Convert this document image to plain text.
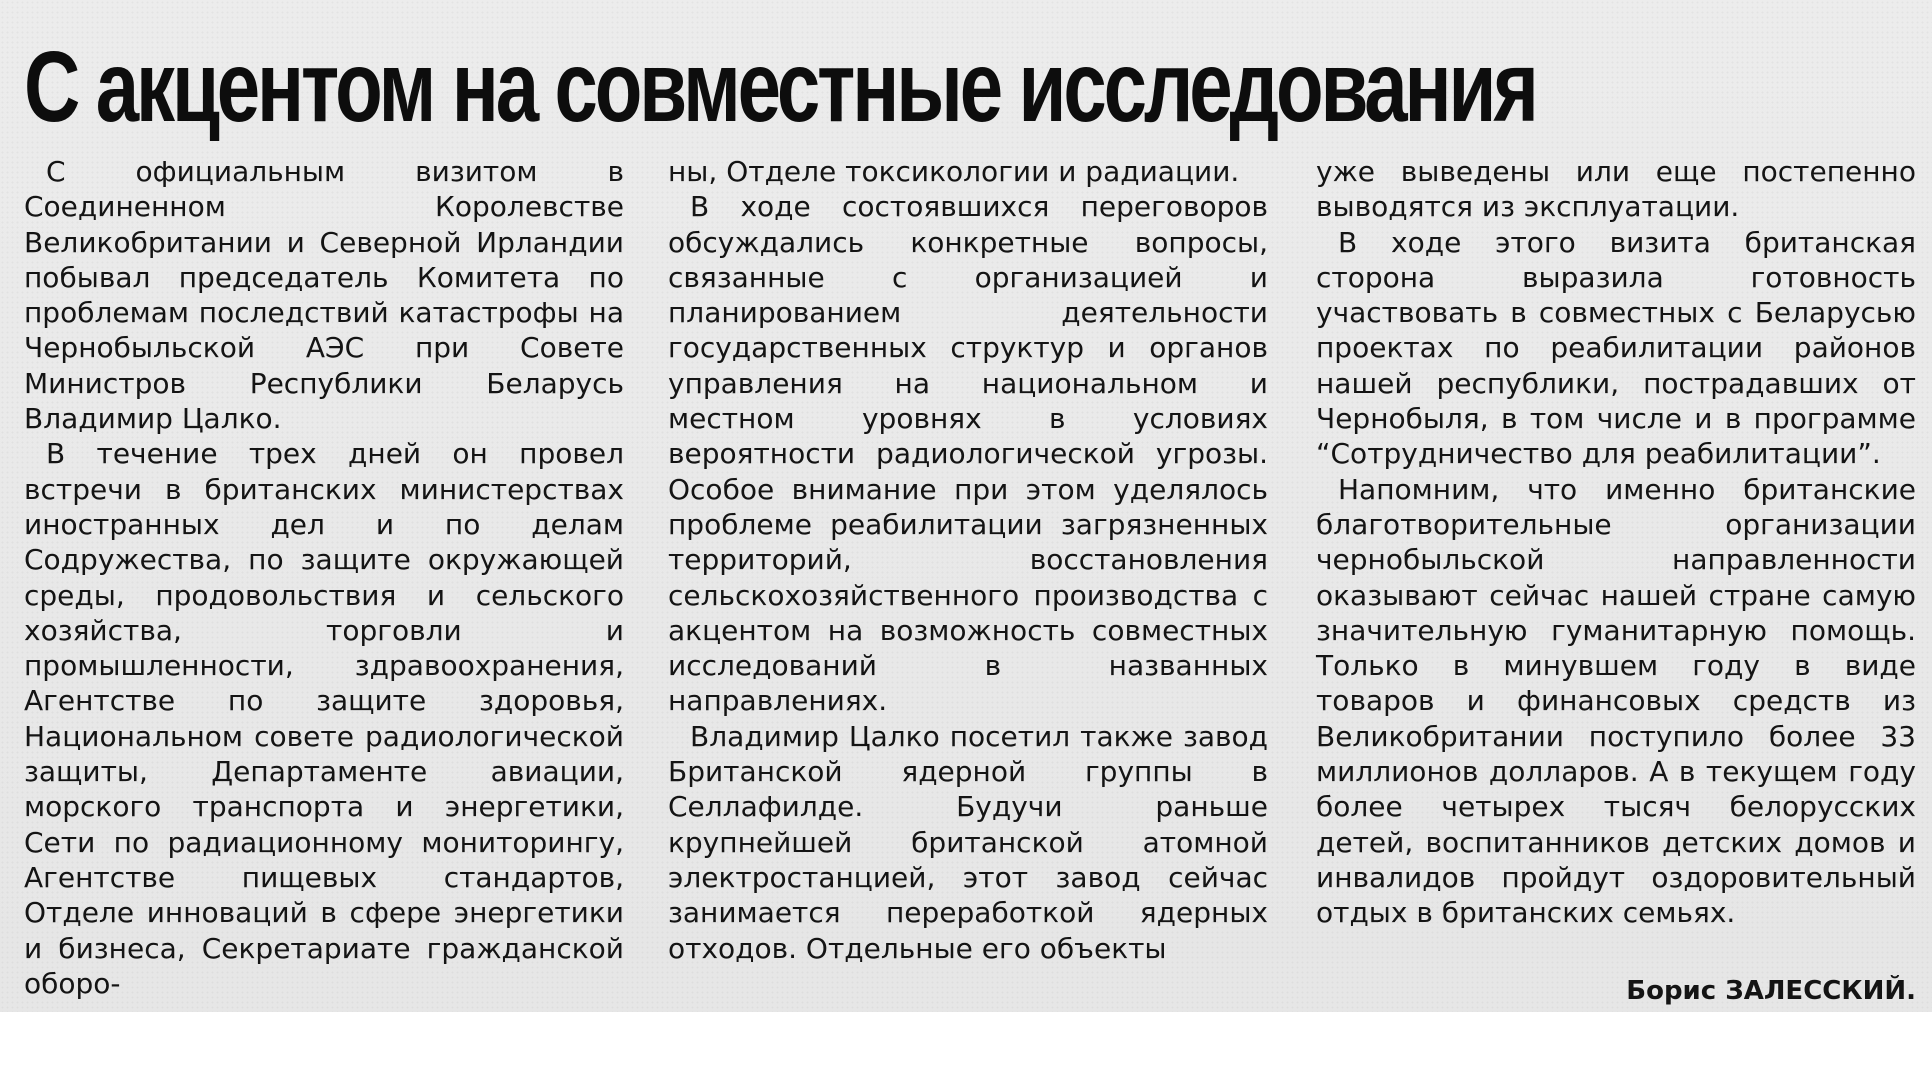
С акцентом на совместные исследования

С официальным визитом в Соединенном Королевстве Великобритании и Северной Ирландии побывал председатель Комитета по проблемам последствий катастрофы на Чернобыльской АЭС при Совете Министров Республики Беларусь Владимир Цалко.

В течение трех дней он провел встречи в британских министерствах иностранных дел и по делам Содружества, по защите окружающей среды, продовольствия и сельского хозяйства, торговли и промышленности, здравоохранения, Агентстве по защите здоровья, Национальном совете радиологической защиты, Департаменте авиации, морского транспорта и энергетики, Сети по радиационному мониторингу, Агентстве пищевых стандартов, Отделе инноваций в сфере энергетики и бизнеса, Секретариате гражданской оборо-

ны, Отделе токсикологии и радиации.

В ходе состоявшихся переговоров обсуждались конкретные вопросы, связанные с организацией и планированием деятельности государственных структур и органов управления на национальном и местном уровнях в условиях вероятности радиологической угрозы. Особое внимание при этом уделялось проблеме реабилитации загрязненных территорий, восстановления сельскохозяйственного производства с акцентом на возможность совместных исследований в названных направлениях.

Владимир Цалко посетил также завод Британской ядерной группы в Селлафилде. Будучи раньше крупнейшей британской атомной электростанцией, этот завод сейчас занимается переработкой ядерных отходов. Отдельные его объекты

уже выведены или еще постепенно выводятся из эксплуатации.

В ходе этого визита британская сторона выразила готовность участвовать в совместных с Беларусью проектах по реабилитации районов нашей республики, пострадавших от Чернобыля, в том числе и в программе “Сотрудничество для реабилитации”.

Напомним, что именно британские благотворительные организации чернобыльской направленности оказывают сейчас нашей стране самую значительную гуманитарную помощь. Только в минувшем году в виде товаров и финансовых средств из Великобритании поступило более 33 миллионов долларов. А в текущем году более четырех тысяч белорусских детей, воспитанников детских домов и инвалидов пройдут оздоровительный отдых в британских семьях.

Борис ЗАЛЕССКИЙ.
